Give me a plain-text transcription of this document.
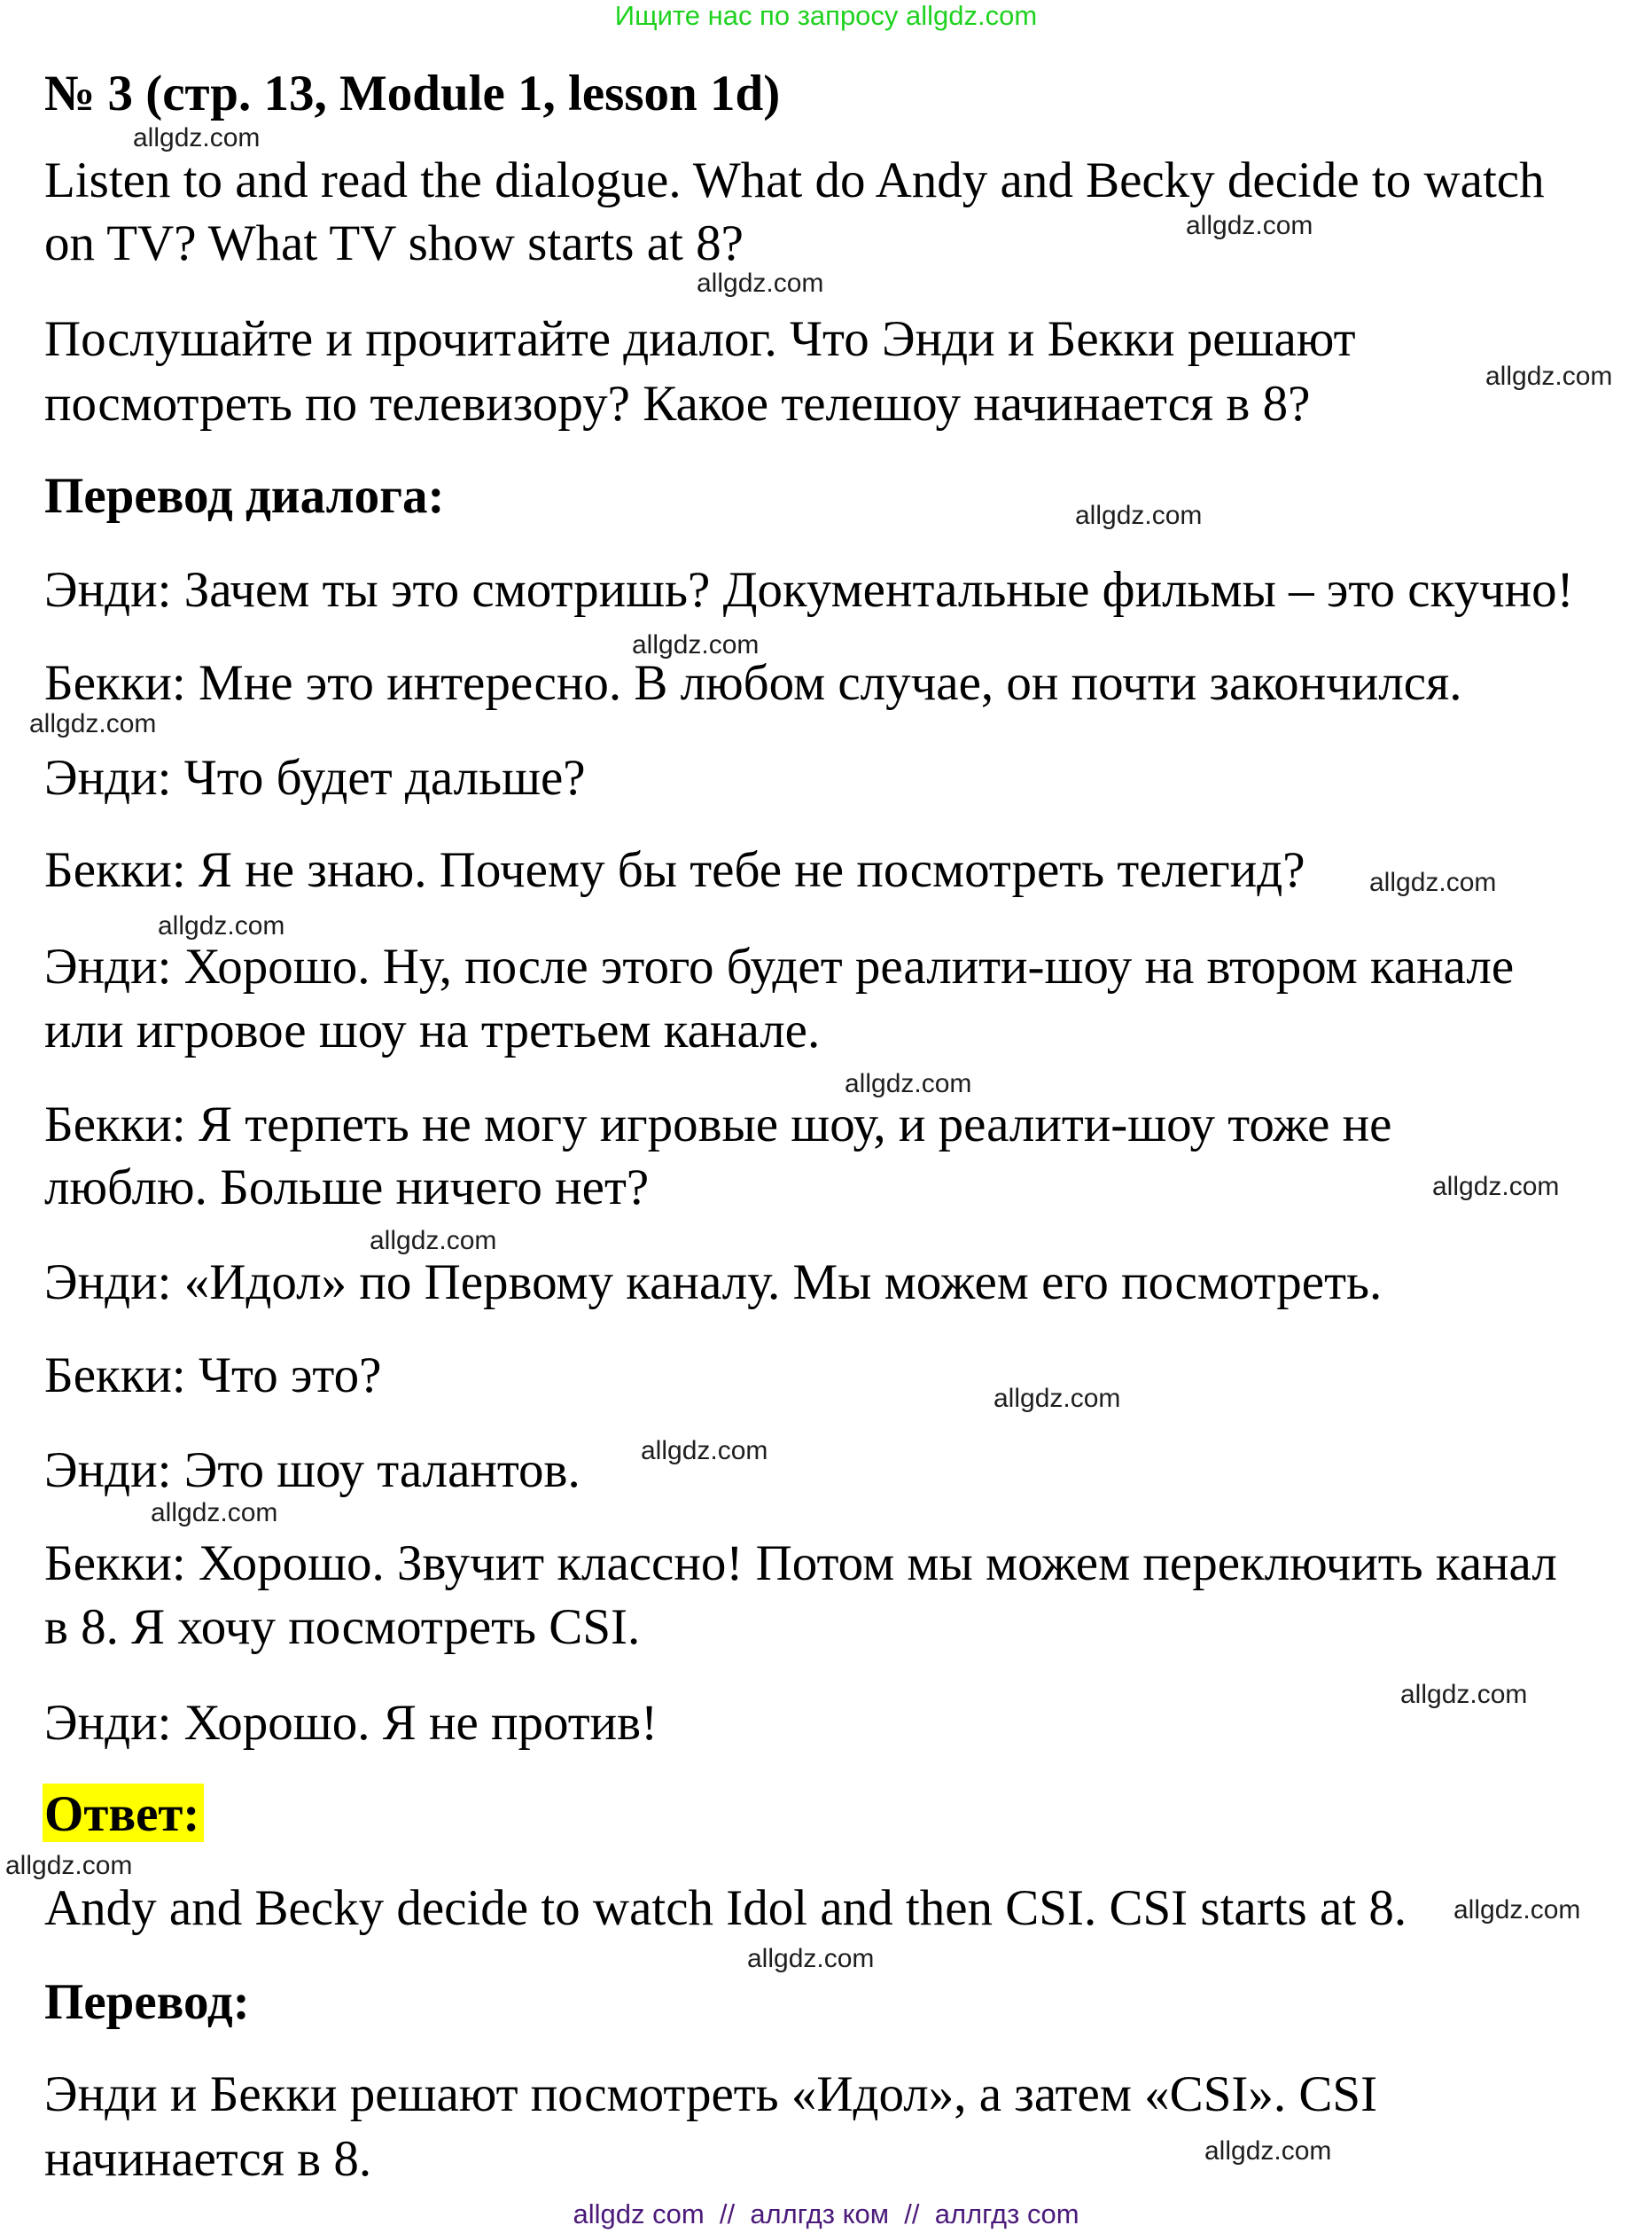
Ищите нас по запросу allgdz.com
№ 3 (стр. 13, Module 1, lesson 1d)
Listen to and read the dialogue. What do Andy and Becky decide to watch
on TV? What TV show starts at 8?
Послушайте и прочитайте диалог. Что Энди и Бекки решают
посмотреть по телевизору? Какое телешоу начинается в 8?
Перевод диалога:
Энди: Зачем ты это смотришь? Документальные фильмы – это скучно!
Бекки: Мне это интересно. В любом случае, он почти закончился.
Энди: Что будет дальше?
Бекки: Я не знаю. Почему бы тебе не посмотреть телегид?
Энди: Хорошо. Ну, после этого будет реалити-шоу на втором канале
или игровое шоу на третьем канале.
Бекки: Я терпеть не могу игровые шоу, и реалити-шоу тоже не
люблю. Больше ничего нет?
Энди: «Идол» по Первому каналу. Мы можем его посмотреть.
Бекки: Что это?
Энди: Это шоу талантов.
Бекки: Хорошо. Звучит классно! Потом мы можем переключить канал
в 8. Я хочу посмотреть CSI.
Энди: Хорошо. Я не против!
Ответ:
Andy and Becky decide to watch Idol and then CSI. CSI starts at 8.
Перевод:
Энди и Бекки решают посмотреть «Идол», а затем «CSI». CSI
начинается в 8.
allgdz.com
allgdz.com
allgdz.com
allgdz.com
allgdz.com
allgdz.com
allgdz.com
allgdz.com
allgdz.com
allgdz.com
allgdz.com
allgdz.com
allgdz.com
allgdz.com
allgdz.com
allgdz.com
allgdz.com
allgdz.com
allgdz.com
allgdz.com
allgdz com  //  аллгдз ком  //  аллгдз com
